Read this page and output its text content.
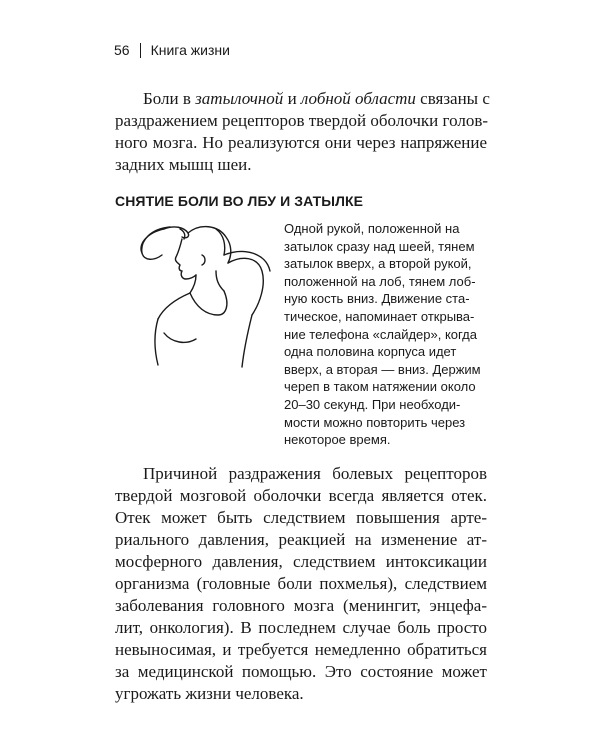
56 Книга жизни
Боли в затылочной и лобной области связаны с
раздражением рецепторов твердой оболочки голов-
ного мозга. Но реализуются они через напряжение
задних мышц шеи.
СНЯТИЕ БОЛИ ВО ЛБУ И ЗАТЫЛКЕ
Одной рукой, положенной на
затылок сразу над шеей, тянем
затылок вверх, а второй рукой,
положенной на лоб, тянем лоб-
ную кость вниз. Движение ста-
тическое, напоминает открыва-
ние телефона «слайдер», когда
одна половина корпуса идет
вверх, а вторая — вниз. Держим
череп в таком натяжении около
20–30 секунд. При необходи-
мости можно повторить через
некоторое время.
Причиной раздражения болевых рецепторов
твердой мозговой оболочки всегда является отек.
Отек может быть следствием повышения арте-
риального давления, реакцией на изменение ат-
мосферного давления, следствием интоксикации
организма (головные боли похмелья), следствием
заболевания головного мозга (менингит, энцефа-
лит, онкология). В последнем случае боль просто
невыносимая, и требуется немедленно обратиться
за медицинской помощью. Это состояние может
угрожать жизни человека.
